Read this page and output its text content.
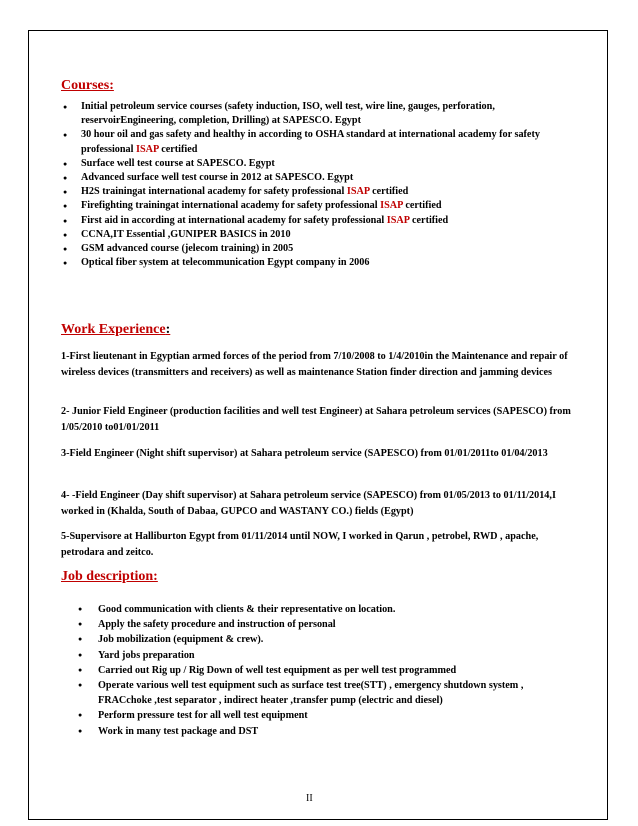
Courses:
● Initial petroleum service courses (safety induction, ISO, well test, wire line, gauges, perforation, reservoirEngineering, completion, Drilling) at SAPESCO. Egypt
● 30 hour oil and gas safety and healthy in according to OSHA standard at international academy for safety professional ISAP certified
● Surface well test course at SAPESCO. Egypt
● Advanced surface well test course in 2012 at SAPESCO. Egypt
● H2S trainingat international academy for safety professional ISAP certified
● Firefighting trainingat international academy for safety professional ISAP certified
● First aid in according at international academy for safety professional ISAP certified
● CCNA,IT Essential ,GUNIPER BASICS in 2010
● GSM advanced course (jelecom training) in 2005
● Optical fiber system at telecommunication Egypt company in 2006
Work Experience:
1-First lieutenant in Egyptian armed forces of the period from 7/10/2008 to 1/4/2010in the Maintenance and repair of wireless devices (transmitters and receivers) as well as maintenance Station finder direction and jamming devices
2- Junior Field Engineer (production facilities and well test Engineer) at Sahara petroleum services (SAPESCO) from 1/05/2010 to01/01/2011
3-Field Engineer (Night shift supervisor) at Sahara petroleum service (SAPESCO) from 01/01/2011to 01/04/2013
4- -Field Engineer (Day shift supervisor) at Sahara petroleum service (SAPESCO) from 01/05/2013 to 01/11/2014,I worked in (Khalda, South of Dabaa, GUPCO and WASTANY CO.) fields (Egypt)
5-Supervisore at Halliburton Egypt from 01/11/2014 until NOW, I worked in Qarun , petrobel, RWD , apache, petrodara and zeitco.
Job description:
● Good communication with clients & their representative on location.
● Apply the safety procedure and instruction of personal
● Job mobilization (equipment & crew).
● Yard jobs preparation
● Carried out Rig up / Rig Down of well test equipment as per well test programmed
● Operate various well test equipment such as surface test tree(STT) , emergency shutdown system , FRACchoke ,test separator , indirect heater ,transfer pump (electric and diesel)
● Perform pressure test for all well test equipment
● Work in many test package and DST
II
